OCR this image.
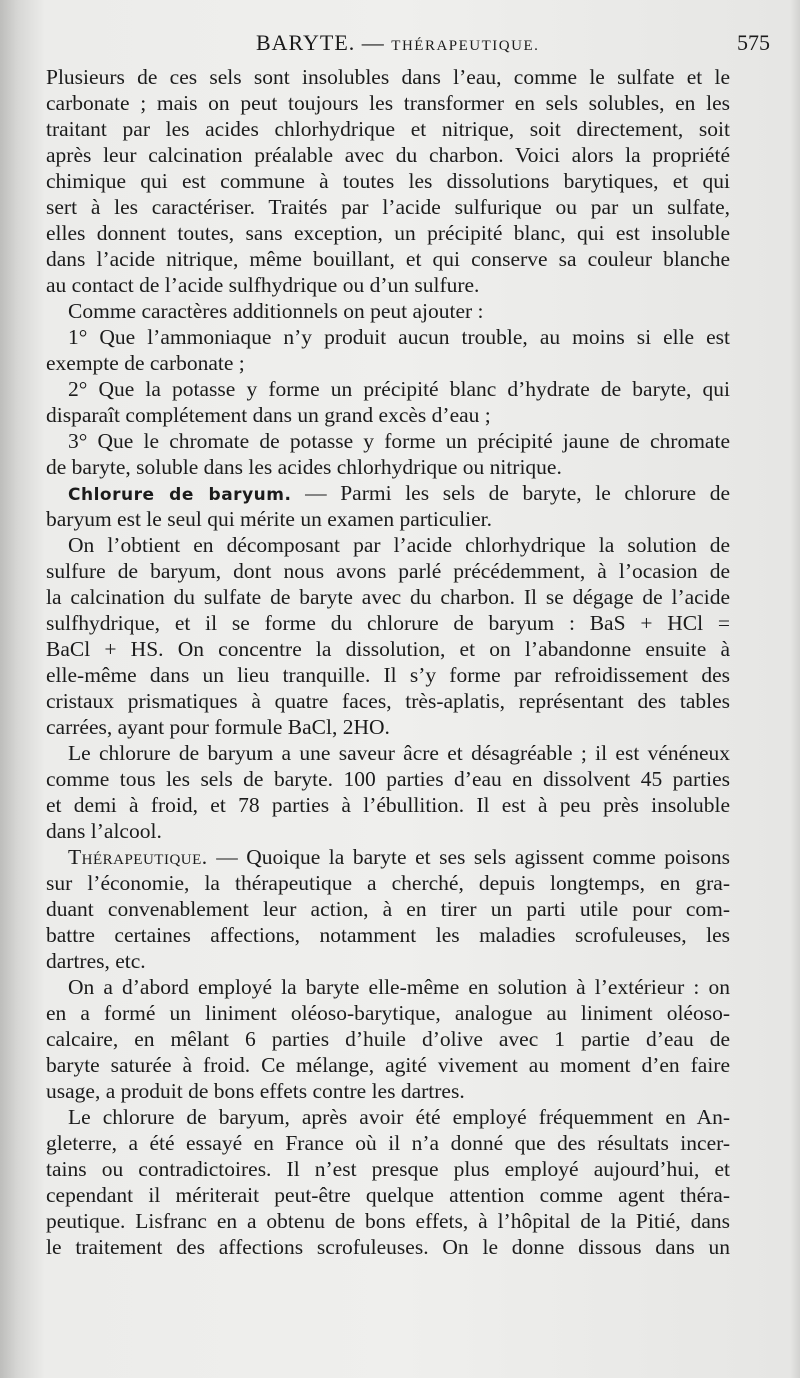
BARYTE. — THÉRAPEUTIQUE.	575
Plusieurs de ces sels sont insolubles dans l’eau, comme le sulfate et le
carbonate ; mais on peut toujours les transformer en sels solubles, en les
traitant par les acides chlorhydrique et nitrique, soit directement, soit
après leur calcination préalable avec du charbon. Voici alors la propriété
chimique qui est commune à toutes les dissolutions barytiques, et qui
sert à les caractériser. Traités par l’acide sulfurique ou par un sulfate,
elles donnent toutes, sans exception, un précipité blanc, qui est insoluble
dans l’acide nitrique, même bouillant, et qui conserve sa couleur blanche
au contact de l’acide sulfhydrique ou d’un sulfure.
Comme caractères additionnels on peut ajouter :
1° Que l’ammoniaque n’y produit aucun trouble, au moins si elle est
exempte de carbonate ;
2° Que la potasse y forme un précipité blanc d’hydrate de baryte, qui
disparaît complétement dans un grand excès d’eau ;
3° Que le chromate de potasse y forme un précipité jaune de chromate
de baryte, soluble dans les acides chlorhydrique ou nitrique.
Chlorure de baryum. — Parmi les sels de baryte, le chlorure de
baryum est le seul qui mérite un examen particulier.
On l’obtient en décomposant par l’acide chlorhydrique la solution de
sulfure de baryum, dont nous avons parlé précédemment, à l’ocasion de
la calcination du sulfate de baryte avec du charbon. Il se dégage de l’acide
sulfhydrique, et il se forme du chlorure de baryum : BaS + HCl =
BaCl + HS. On concentre la dissolution, et on l’abandonne ensuite à
elle-même dans un lieu tranquille. Il s’y forme par refroidissement des
cristaux prismatiques à quatre faces, très-aplatis, représentant des tables
carrées, ayant pour formule BaCl, 2HO.
Le chlorure de baryum a une saveur âcre et désagréable ; il est vénéneux
comme tous les sels de baryte. 100 parties d’eau en dissolvent 45 parties
et demi à froid, et 78 parties à l’ébullition. Il est à peu près insoluble
dans l’alcool.
Thérapeutique. — Quoique la baryte et ses sels agissent comme poisons
sur l’économie, la thérapeutique a cherché, depuis longtemps, en gra-
duant convenablement leur action, à en tirer un parti utile pour com-
battre certaines affections, notamment les maladies scrofuleuses, les
dartres, etc.
On a d’abord employé la baryte elle-même en solution à l’extérieur : on
en a formé un liniment oléoso-barytique, analogue au liniment oléoso-
calcaire, en mêlant 6 parties d’huile d’olive avec 1 partie d’eau de
baryte saturée à froid. Ce mélange, agité vivement au moment d’en faire
usage, a produit de bons effets contre les dartres.
Le chlorure de baryum, après avoir été employé fréquemment en An-
gleterre, a été essayé en France où il n’a donné que des résultats incer-
tains ou contradictoires. Il n’est presque plus employé aujourd’hui, et
cependant il mériterait peut-être quelque attention comme agent théra-
peutique. Lisfranc en a obtenu de bons effets, à l’hôpital de la Pitié, dans
le traitement des affections scrofuleuses. On le donne dissous dans un
